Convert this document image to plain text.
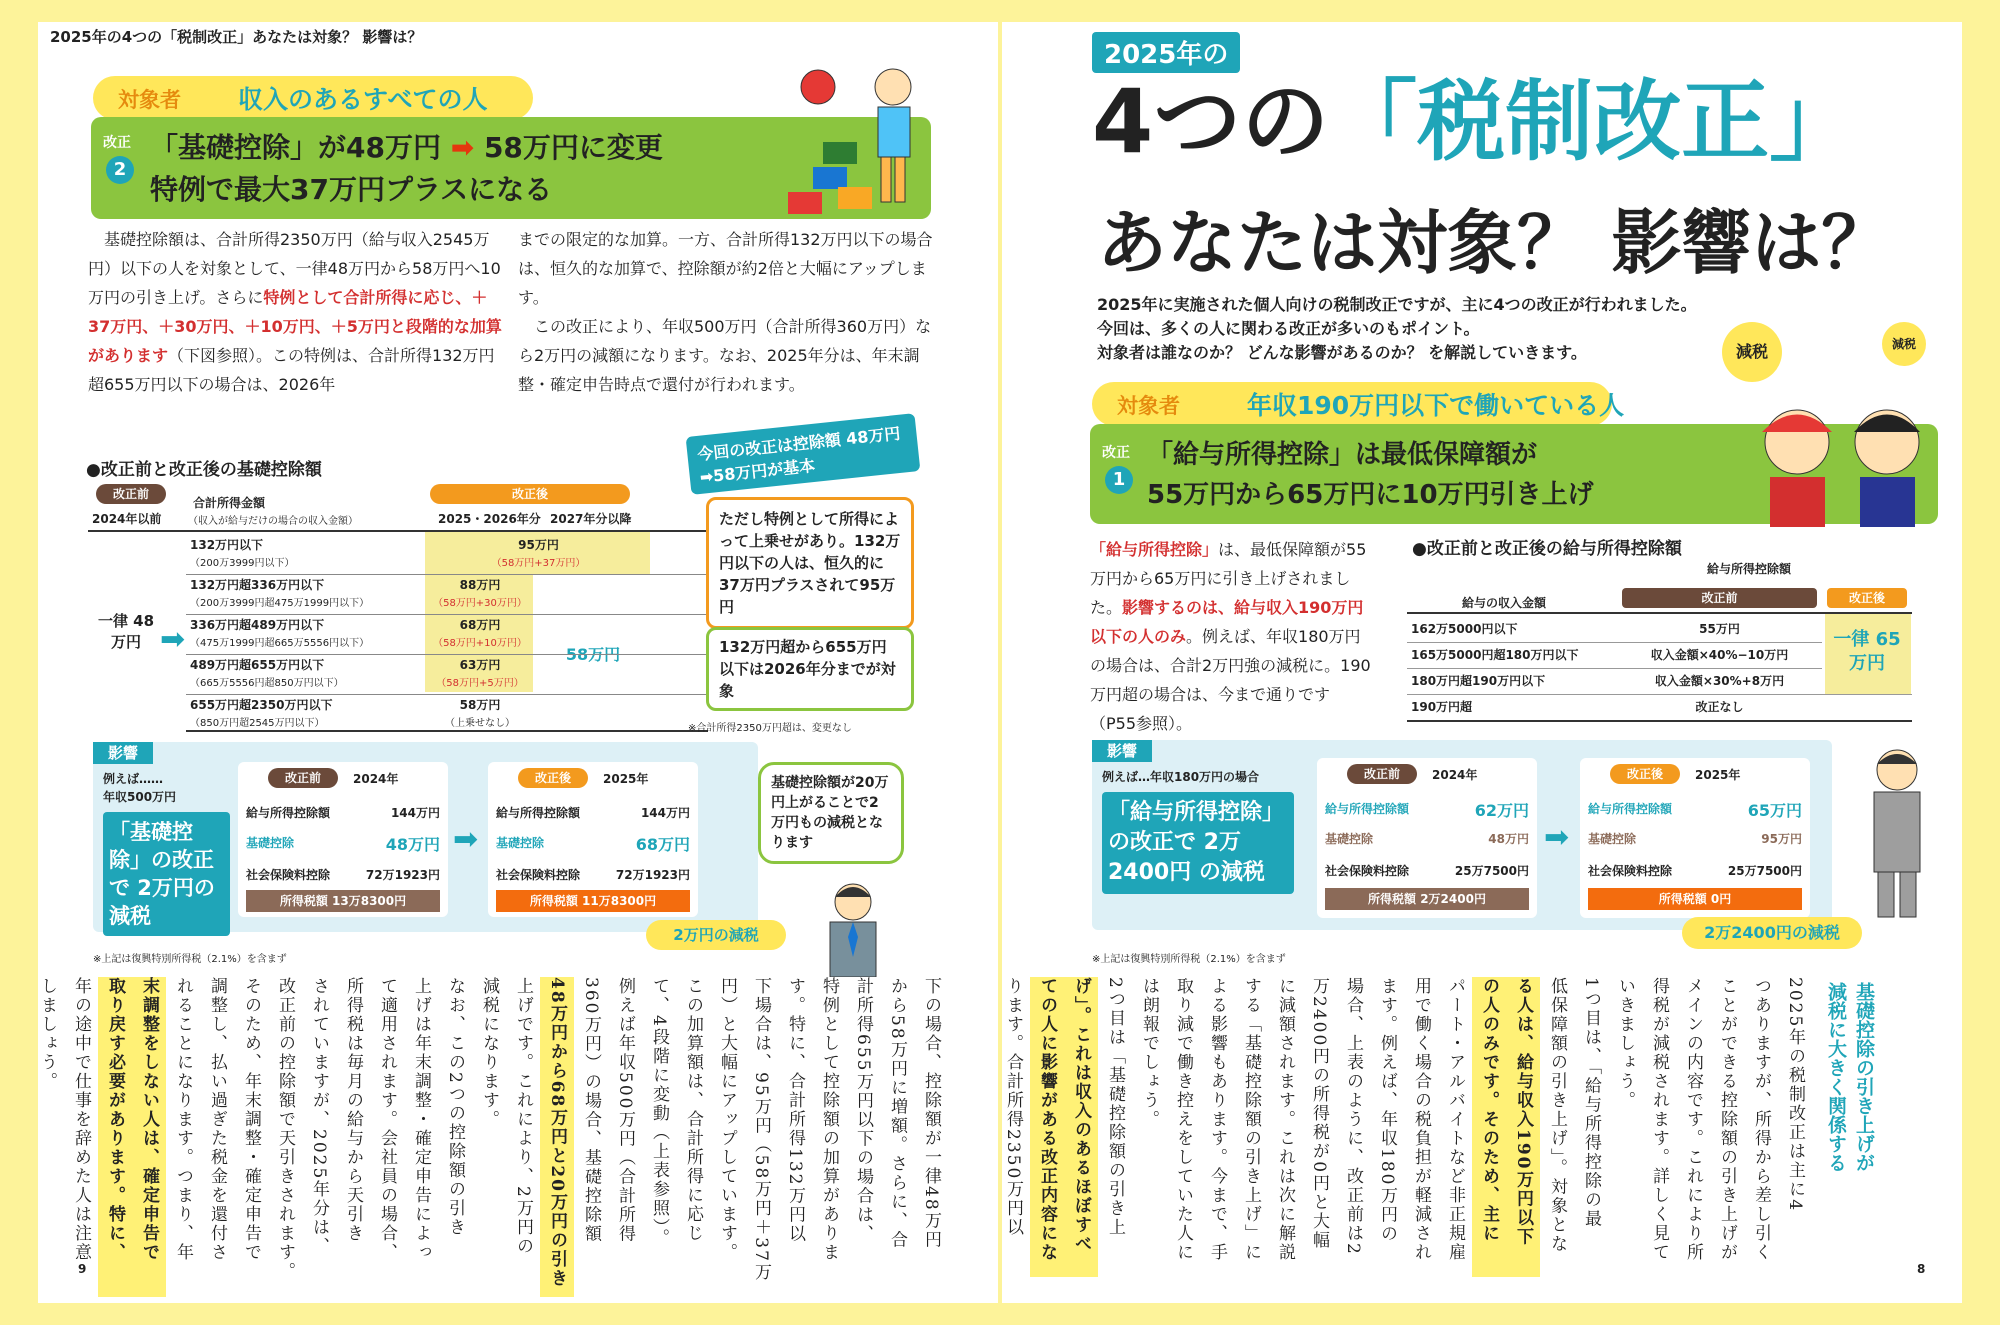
2025年の4つの「税制改正」あなたは対象？ 影響は？
対象者 収入のあるすべての人
改正
2
「基礎控除」が48万円 ➡ 58万円に変更
特例で最大37万円プラスになる
基礎控除額は、合計所得2350万円（給与収入2545万円）以下の人を対象として、一律48万円から58万円へ10万円の引き上げ。さらに特例として合計所得に応じ、＋37万円、＋30万円、＋10万円、＋5万円と段階的な加算があります（下図参照）。この特例は、合計所得132万円超655万円以下の場合は、2026年
までの限定的な加算。一方、合計所得132万円以下の場合は、恒久的な加算で、控除額が約2倍と大幅にアップします。
この改正により、年収500万円（合計所得360万円）なら2万円の減額になります。なお、2025年分は、年末調整・確定申告時点で還付が行われます。
今回の改正は控除額 48万円➡58万円が基本
●改正前と改正後の基礎控除額
改正前
2024年以前
合計所得金額
（収入が給与だけの場合の収入金額）
改正後
2025・2026年分 2027年分以降
一律 48万円 ➡	58万円
132万円以下
（200万3999円以下）
95万円
（58万円+37万円）
132万円超336万円以下
（200万3999円超475万1999円以下）
88万円
（58万円+30万円）
336万円超489万円以下
（475万1999円超665万5556円以下）
68万円
（58万円+10万円）
489万円超655万円以下
（665万5556円超850万円以下）
63万円
（58万円+5万円）
655万円超2350万円以下
（850万円超2545万円以下）
58万円
（上乗せなし）
ただし特例として所得によって上乗せがあり。132万円以下の人は、恒久的に37万円プラスされて95万円
132万円超から655万円以下は2026年分までが対象
※合計所得2350万円超は、変更なし
影響
例えば……
年収500万円
「基礎控除」の改正で 2万円の 減税
改正前	2024年
給与所得控除額	144万円
基礎控除	48万円
社会保険料控除	72万1923円
所得税額 13万8300円
➡
改正後	2025年
給与所得控除額	144万円
基礎控除	68万円
社会保険料控除	72万1923円
所得税額 11万8300円
2万円の減税
基礎控除額が20万円上がることで2万円もの減税となります
※上記は復興特別所得税（2.1%）を含まず
下の場合、控除額が一律48万円
から58万円に増額。さらに、合
計所得655万円以下の場合は、
特例として控除額の加算がありま
す。特に、合計所得132万円以
下場合は、95万円（58万円＋37万
円）と大幅にアップしています。
この加算額は、合計所得に応じ
て、4段階に変動（上表参照）。
例えば年収500万円（合計所得
360万円）の場合、基礎控除額
48万円から68万円と20万円の引き
上げです。これにより、2万円の
減税になります。
なお、この2つの控除額の引き
上げは年末調整・確定申告によっ
て適用されます。会社員の場合、
所得税は毎月の給与から天引き
されていますが、2025年分は、
改正前の控除額で天引きされます。
そのため、年末調整・確定申告で
調整し、払い過ぎた税金を還付さ
れることになります。つまり、年
末調整をしない人は、確定申告で
取り戻す必要があります。特に、
年の途中で仕事を辞めた人は注意
しましょう。
9
2025年の
4つの「税制改正」
あなたは対象？ 影響は？
2025年に実施された個人向けの税制改正ですが、主に4つの改正が行われました。
今回は、多くの人に関わる改正が多いのもポイント。
対象者は誰なのか？ どんな影響があるのか？ を解説していきます。	減税	減税
対象者	年収190万円以下で働いている人
改正
1
「給与所得控除」は最低保障額が
55万円から65万円に10万円引き上げ
「給与所得控除」は、最低保障額が55万円から65万円に引き上げされました。影響するのは、給与収入190万円以下の人のみ。例えば、年収180万円の場合は、合計2万円強の減税に。190万円超の場合は、今まで通りです（P55参照）。
●改正前と改正後の給与所得控除額
給与所得控除額
給与の収入金額	改正前	改正後
一律 65万円
162万5000円以下	55万円
165万5000円超180万円以下	収入金額×40%−10万円
180万円超190万円以下	収入金額×30%+8万円
190万円超	改正なし
影響
例えば…年収180万円の場合
「給与所得控除」の改正で 2万2400円 の減税
改正前	2024年
給与所得控除額	62万円
基礎控除	48万円
社会保険料控除	25万7500円
所得税額 2万2400円
➡
改正後	2025年
給与所得控除額	65万円
基礎控除	95万円
社会保険料控除	25万7500円
所得税額 0円
2万2400円の減税
※上記は復興特別所得税（2.1%）を含まず
基礎控除の引き上げが
減税に大きく関係する
2025年の税制改正は主に4
つありますが、所得から差し引く
ことができる控除額の引き上げが
メインの内容です。これにより所
得税が減税されます。詳しく見て
いきましょう。
1つ目は、「給与所得控除の最
低保障額の引き上げ」。対象とな
る人は、給与収入190万円以下
の人のみです。そのため、主に
パート・アルバイトなど非正規雇
用で働く場合の税負担が軽減され
ます。例えば、年収180万円の
場合、上表のように、改正前は2
万2400円の所得税が0円と大幅
に減額されます。これは次に解説
する「基礎控除額の引き上げ」に
よる影響もあります。今まで、手
取り減で働き控えをしていた人に
は朗報でしょう。
2つ目は「基礎控除額の引き上
げ」。これは収入のあるほぼすべ
ての人に影響がある改正内容にな
ります。合計所得2350万円以
8
